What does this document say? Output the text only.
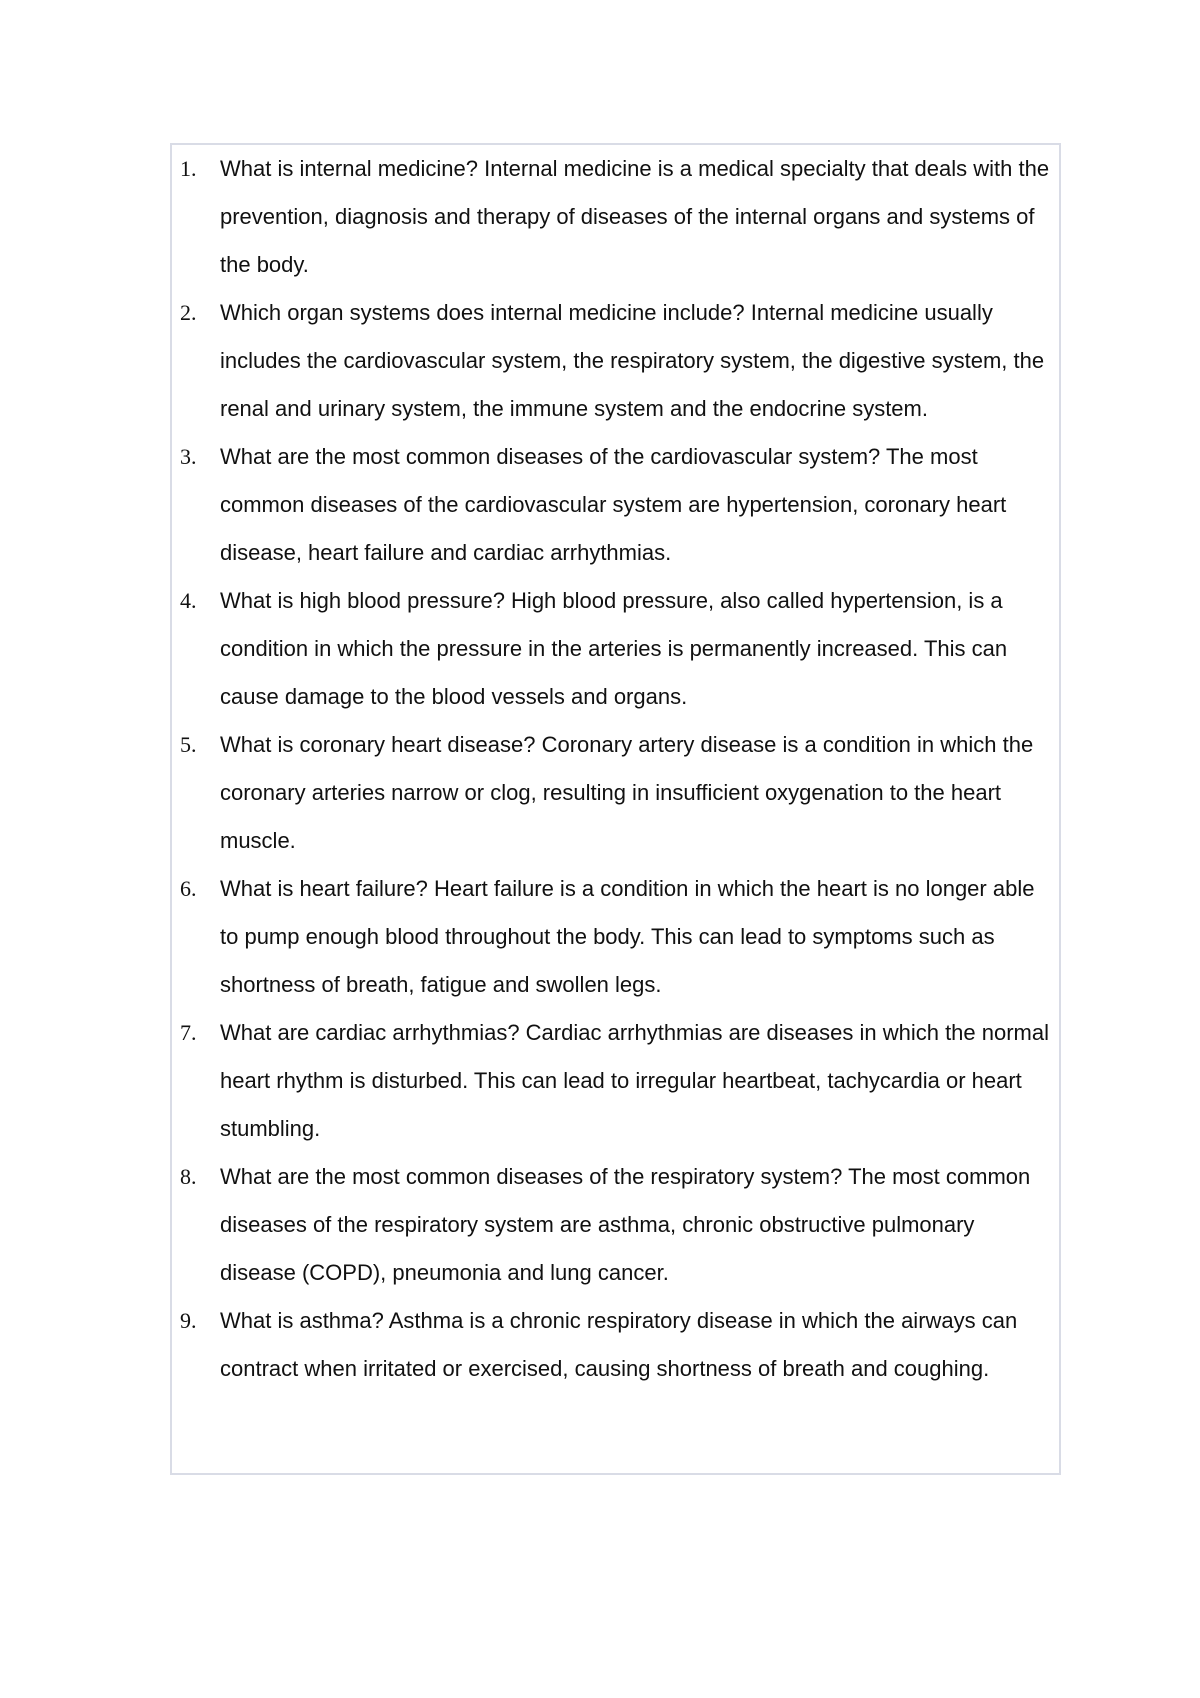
1.	What is internal medicine? Internal medicine is a medical specialty that deals with the prevention, diagnosis and therapy of diseases of the internal organs and systems of the body.
2.	Which organ systems does internal medicine include? Internal medicine usually includes the cardiovascular system, the respiratory system, the digestive system, the renal and urinary system, the immune system and the endocrine system.
3.	What are the most common diseases of the cardiovascular system? The most common diseases of the cardiovascular system are hypertension, coronary heart disease, heart failure and cardiac arrhythmias.
4.	What is high blood pressure? High blood pressure, also called hypertension, is a condition in which the pressure in the arteries is permanently increased. This can cause damage to the blood vessels and organs.
5.	What is coronary heart disease? Coronary artery disease is a condition in which the coronary arteries narrow or clog, resulting in insufficient oxygenation to the heart muscle.
6.	What is heart failure? Heart failure is a condition in which the heart is no longer able to pump enough blood throughout the body. This can lead to symptoms such as shortness of breath, fatigue and swollen legs.
7.	What are cardiac arrhythmias? Cardiac arrhythmias are diseases in which the normal heart rhythm is disturbed. This can lead to irregular heartbeat, tachycardia or heart stumbling.
8.	What are the most common diseases of the respiratory system? The most common diseases of the respiratory system are asthma, chronic obstructive pulmonary disease (COPD), pneumonia and lung cancer.
9.	What is asthma? Asthma is a chronic respiratory disease in which the airways can contract when irritated or exercised, causing shortness of breath and coughing.
